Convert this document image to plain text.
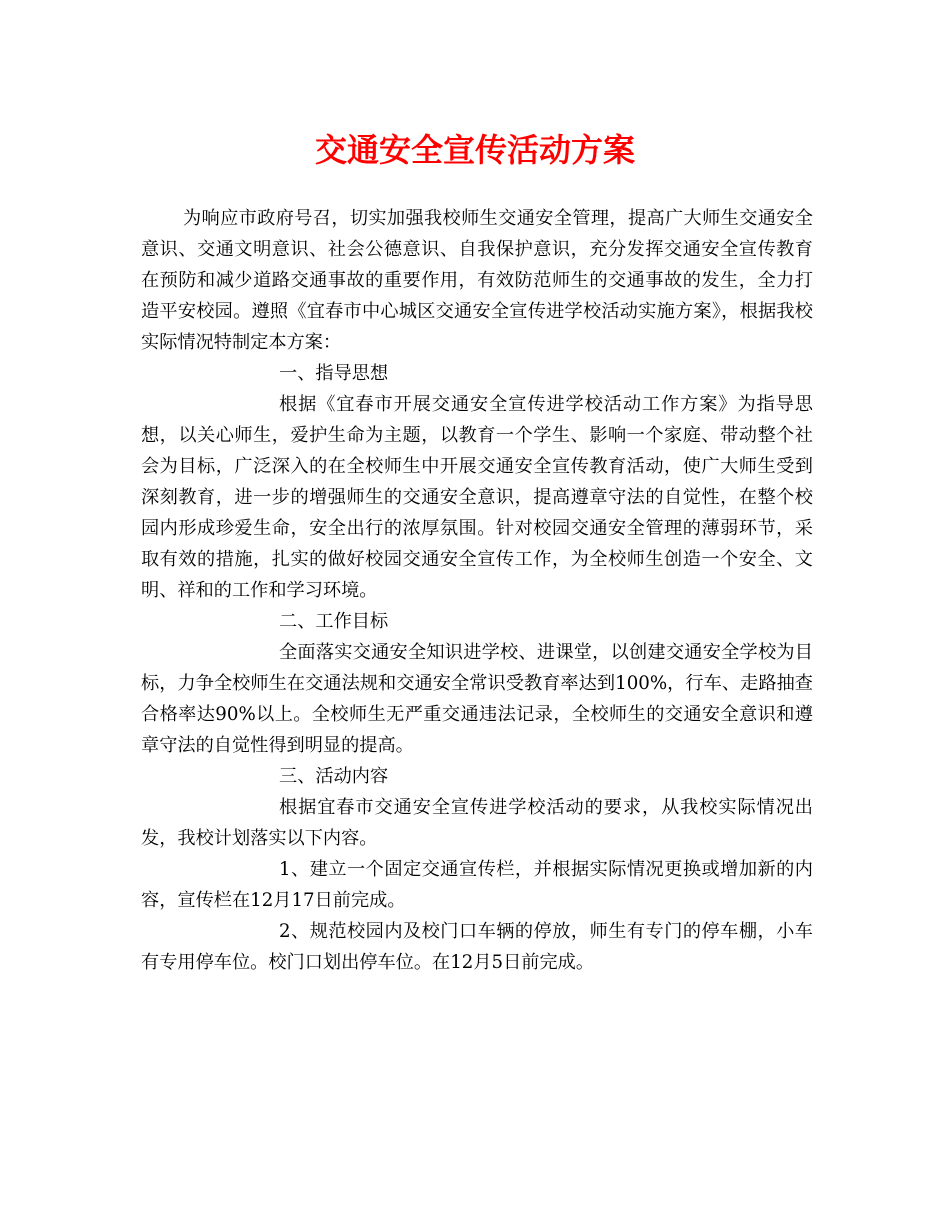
交通安全宣传活动方案

为响应市政府号召，切实加强我校师生交通安全管理，提高广大师生交通安全意识、交通文明意识、社会公德意识、自我保护意识，充分发挥交通安全宣传教育在预防和减少道路交通事故的重要作用，有效防范师生的交通事故的发生，全力打造平安校园。遵照《宜春市中心城区交通安全宣传进学校活动实施方案》，根据我校实际情况特制定本方案：

一、指导思想

根据《宜春市开展交通安全宣传进学校活动工作方案》为指导思想，以关心师生，爱护生命为主题，以教育一个学生、影响一个家庭、带动整个社会为目标，广泛深入的在全校师生中开展交通安全宣传教育活动，使广大师生受到深刻教育，进一步的增强师生的交通安全意识，提高遵章守法的自觉性，在整个校园内形成珍爱生命，安全出行的浓厚氛围。针对校园交通安全管理的薄弱环节，采取有效的措施，扎实的做好校园交通安全宣传工作，为全校师生创造一个安全、文明、祥和的工作和学习环境。

二、工作目标

全面落实交通安全知识进学校、进课堂，以创建交通安全学校为目标，力争全校师生在交通法规和交通安全常识受教育率达到100%，行车、走路抽查合格率达90%以上。全校师生无严重交通违法记录，全校师生的交通安全意识和遵章守法的自觉性得到明显的提高。

三、活动内容

根据宜春市交通安全宣传进学校活动的要求，从我校实际情况出发，我校计划落实以下内容。

1、建立一个固定交通宣传栏，并根据实际情况更换或增加新的内容，宣传栏在12月17日前完成。

2、规范校园内及校门口车辆的停放，师生有专门的停车棚，小车有专用停车位。校门口划出停车位。在12月5日前完成。
